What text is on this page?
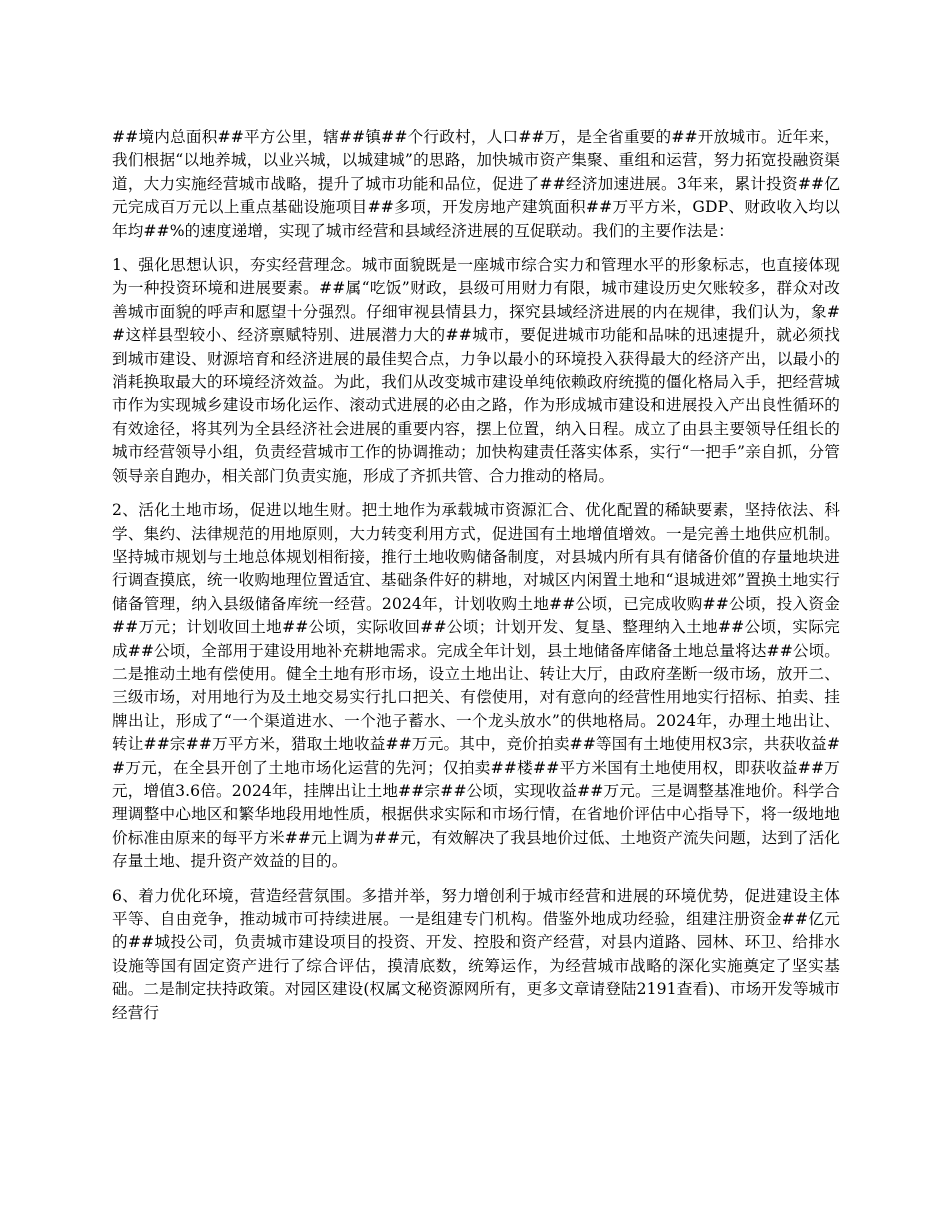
##境内总面积##平方公里，辖##镇##个行政村，人口##万，是全省重要的##开放城市。近年来，我们根据“以地养城，以业兴城，以城建城”的思路，加快城市资产集聚、重组和运营，努力拓宽投融资渠道，大力实施经营城市战略，提升了城市功能和品位，促进了##经济加速进展。3年来，累计投资##亿元完成百万元以上重点基础设施项目##多项，开发房地产建筑面积##万平方米，GDP、财政收入均以年均##%的速度递增，实现了城市经营和县域经济进展的互促联动。我们的主要作法是：

1、强化思想认识，夯实经营理念。城市面貌既是一座城市综合实力和管理水平的形象标志，也直接体现为一种投资环境和进展要素。##属“吃饭”财政，县级可用财力有限，城市建设历史欠账较多，群众对改善城市面貌的呼声和愿望十分强烈。仔细审视县情县力，探究县域经济进展的内在规律，我们认为，象##这样县型较小、经济禀赋特别、进展潜力大的##城市，要促进城市功能和品味的迅速提升，就必须找到城市建设、财源培育和经济进展的最佳契合点，力争以最小的环境投入获得最大的经济产出，以最小的消耗换取最大的环境经济效益。为此，我们从改变城市建设单纯依赖政府统揽的僵化格局入手，把经营城市作为实现城乡建设市场化运作、滚动式进展的必由之路，作为形成城市建设和进展投入产出良性循环的有效途径，将其列为全县经济社会进展的重要内容，摆上位置，纳入日程。成立了由县主要领导任组长的城市经营领导小组，负责经营城市工作的协调推动；加快构建责任落实体系，实行“一把手”亲自抓，分管领导亲自跑办，相关部门负责实施，形成了齐抓共管、合力推动的格局。

2、活化土地市场，促进以地生财。把土地作为承载城市资源汇合、优化配置的稀缺要素，坚持依法、科学、集约、法律规范的用地原则，大力转变利用方式，促进国有土地增值增效。一是完善土地供应机制。坚持城市规划与土地总体规划相衔接，推行土地收购储备制度，对县城内所有具有储备价值的存量地块进行调查摸底，统一收购地理位置适宜、基础条件好的耕地，对城区内闲置土地和“退城进郊”置换土地实行储备管理，纳入县级储备库统一经营。2024年，计划收购土地##公顷，已完成收购##公顷，投入资金##万元；计划收回土地##公顷，实际收回##公顷；计划开发、复垦、整理纳入土地##公顷，实际完成##公顷，全部用于建设用地补充耕地需求。完成全年计划，县土地储备库储备土地总量将达##公顷。二是推动土地有偿使用。健全土地有形市场，设立土地出让、转让大厅，由政府垄断一级市场，放开二、三级市场，对用地行为及土地交易实行扎口把关、有偿使用，对有意向的经营性用地实行招标、拍卖、挂牌出让，形成了“一个渠道进水、一个池子蓄水、一个龙头放水”的供地格局。2024年，办理土地出让、转让##宗##万平方米，猎取土地收益##万元。其中，竞价拍卖##等国有土地使用权3宗，共获收益##万元，在全县开创了土地市场化运营的先河；仅拍卖##楼##平方米国有土地使用权，即获收益##万元，增值3.6倍。2024年，挂牌出让土地##宗##公顷，实现收益##万元。三是调整基准地价。科学合理调整中心地区和繁华地段用地性质，根据供求实际和市场行情，在省地价评估中心指导下，将一级地地价标准由原来的每平方米##元上调为##元，有效解决了我县地价过低、土地资产流失问题，达到了活化存量土地、提升资产效益的目的。

6、着力优化环境，营造经营氛围。多措并举，努力增创利于城市经营和进展的环境优势，促进建设主体平等、自由竞争，推动城市可持续进展。一是组建专门机构。借鉴外地成功经验，组建注册资金##亿元的##城投公司，负责城市建设项目的投资、开发、控股和资产经营，对县内道路、园林、环卫、给排水设施等国有固定资产进行了综合评估，摸清底数，统筹运作，为经营城市战略的深化实施奠定了坚实基础。二是制定扶持政策。对园区建设(权属文秘资源网所有，更多文章请登陆2191查看)、市场开发等城市经营行
